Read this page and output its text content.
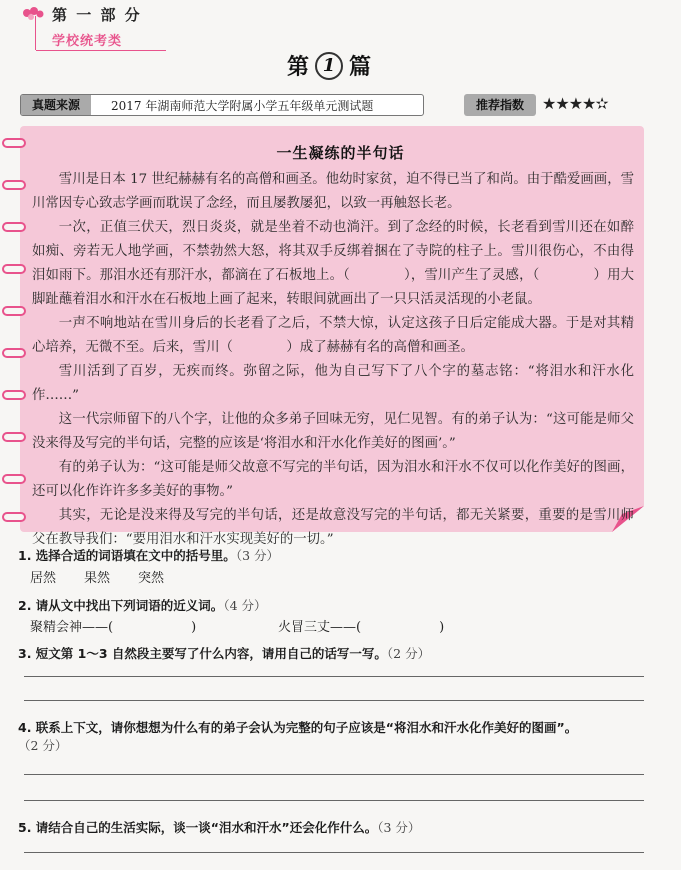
第 一 部 分
学校统考类
第 1 篇
真题来源	2017 年湖南师范大学附属小学五年级单元测试题	推荐指数	★★★★✫
一生凝练的半句话

雪川是日本 17 世纪赫赫有名的高僧和画圣。他幼时家贫，迫不得已当了和尚。由于酷爱画画，雪川常因专心致志学画而耽误了念经，而且屡教屡犯，以致一再触怒长老。

一次，正值三伏天，烈日炎炎，就是坐着不动也淌汗。到了念经的时候，长老看到雪川还在如醉如痴、旁若无人地学画，不禁勃然大怒，将其双手反绑着捆在了寺院的柱子上。雪川很伤心，不由得泪如雨下。那泪水还有那汗水，都滴在了石板地上。（　　　　），雪川产生了灵感，（　　　　）用大脚趾蘸着泪水和汗水在石板地上画了起来，转眼间就画出了一只只活灵活现的小老鼠。

一声不响地站在雪川身后的长老看了之后，不禁大惊，认定这孩子日后定能成大器。于是对其精心培养，无微不至。后来，雪川（　　　　）成了赫赫有名的高僧和画圣。

雪川活到了百岁，无疾而终。弥留之际，他为自己写下了八个字的墓志铭：“将泪水和汗水化作……”

这一代宗师留下的八个字，让他的众多弟子回味无穷，见仁见智。有的弟子认为：“这可能是师父没来得及写完的半句话，完整的应该是‘将泪水和汗水化作美好的图画’。”

有的弟子认为：“这可能是师父故意不写完的半句话，因为泪水和汗水不仅可以化作美好的图画，还可以化作许许多多美好的事物。”

其实，无论是没来得及写完的半句话，还是故意没写完的半句话，都无关紧要，重要的是雪川师父在教导我们：“要用泪水和汗水实现美好的一切。”

1. 选择合适的词语填在文中的括号里。（3 分）
居然 果然 突然
2. 请从文中找出下列词语的近义词。（4 分）
聚精会神——(　　　　　　)	火冒三丈——(　　　　　　)
3. 短文第 1～3 自然段主要写了什么内容，请用自己的话写一写。（2 分）
4. 联系上下文，请你想想为什么有的弟子会认为完整的句子应该是“将泪水和汗水化作美好的图画”。
（2 分）
5. 请结合自己的生活实际，谈一谈“泪水和汗水”还会化作什么。（3 分）
